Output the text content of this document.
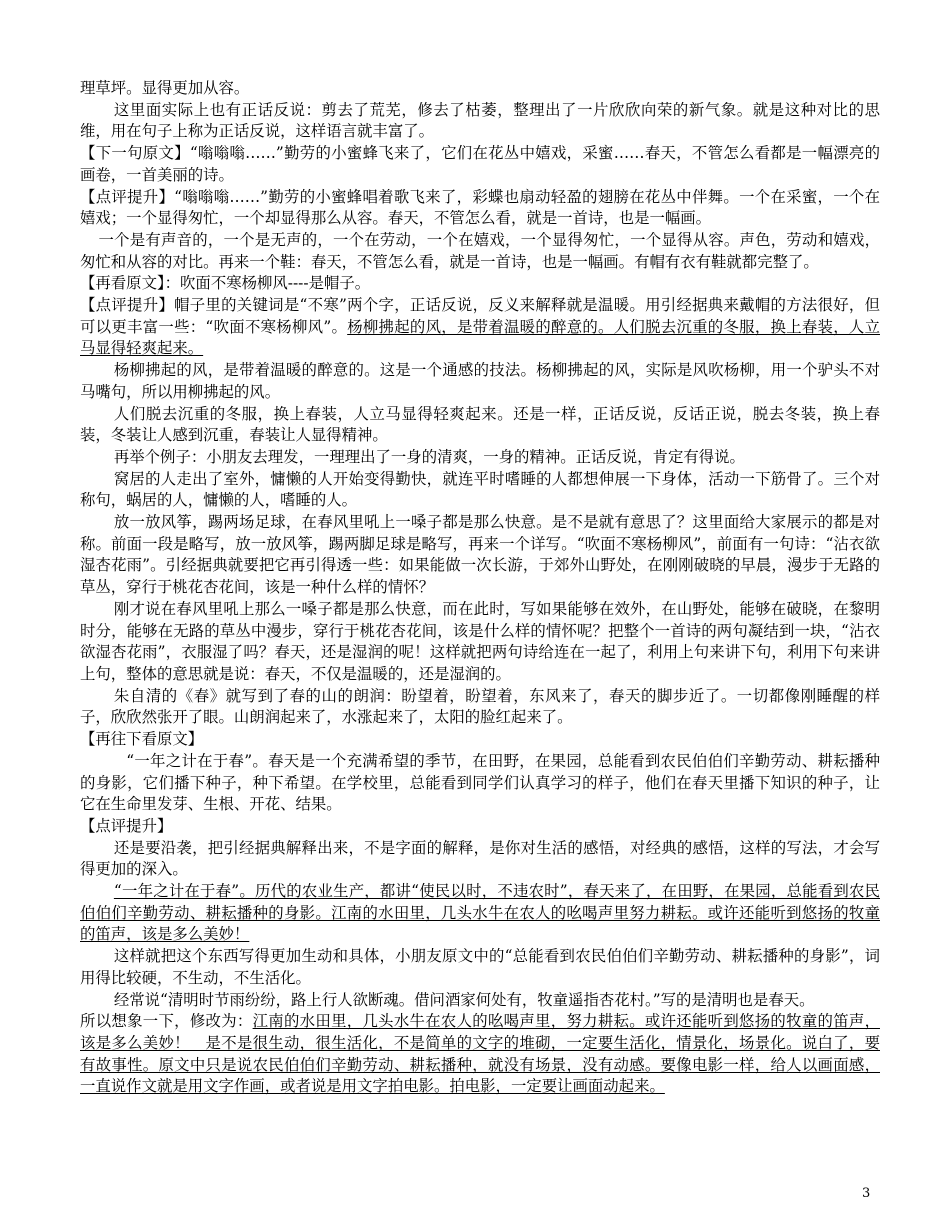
理草坪。显得更加从容。

这里面实际上也有正话反说：剪去了荒芜，修去了枯萎，整理出了一片欣欣向荣的新气象。就是这种对比的思维，用在句子上称为正话反说，这样语言就丰富了。

【下一句原文】“嗡嗡嗡……”勤劳的小蜜蜂飞来了，它们在花丛中嬉戏，采蜜……春天，不管怎么看都是一幅漂亮的画卷，一首美丽的诗。

【点评提升】“嗡嗡嗡……”勤劳的小蜜蜂唱着歌飞来了，彩蝶也扇动轻盈的翅膀在花丛中伴舞。一个在采蜜，一个在嬉戏；一个显得匆忙，一个却显得那么从容。春天，不管怎么看，就是一首诗，也是一幅画。

一个是有声音的，一个是无声的，一个在劳动，一个在嬉戏，一个显得匆忙，一个显得从容。声色，劳动和嬉戏，匆忙和从容的对比。再来一个鞋：春天，不管怎么看，就是一首诗，也是一幅画。有帽有衣有鞋就都完整了。

【再看原文】：吹面不寒杨柳风----是帽子。

【点评提升】帽子里的关键词是“不寒”两个字，正话反说，反义来解释就是温暖。用引经据典来戴帽的方法很好，但可以更丰富一些：“吹面不寒杨柳风”。杨柳拂起的风，是带着温暖的醉意的。人们脱去沉重的冬服，换上春装，人立马显得轻爽起来。

杨柳拂起的风，是带着温暖的醉意的。这是一个通感的技法。杨柳拂起的风，实际是风吹杨柳，用一个驴头不对马嘴句，所以用柳拂起的风。

人们脱去沉重的冬服，换上春装，人立马显得轻爽起来。还是一样，正话反说，反话正说，脱去冬装，换上春装，冬装让人感到沉重，春装让人显得精神。

再举个例子：小朋友去理发，一理理出了一身的清爽，一身的精神。正话反说，肯定有得说。

窝居的人走出了室外，慵懒的人开始变得勤快，就连平时嗜睡的人都想伸展一下身体，活动一下筋骨了。三个对称句，蜗居的人，慵懒的人，嗜睡的人。

放一放风筝，踢两场足球，在春风里吼上一嗓子都是那么快意。是不是就有意思了？这里面给大家展示的都是对称。前面一段是略写，放一放风筝，踢两脚足球是略写，再来一个详写。“吹面不寒杨柳风”，前面有一句诗：“沾衣欲湿杏花雨”。引经据典就要把它再引得透一些：如果能做一次长游，于郊外山野处，在刚刚破晓的早晨，漫步于无路的草丛，穿行于桃花杏花间，该是一种什么样的情怀？

刚才说在春风里吼上那么一嗓子都是那么快意，而在此时，写如果能够在效外，在山野处，能够在破晓，在黎明时分，能够在无路的草丛中漫步，穿行于桃花杏花间，该是什么样的情怀呢？把整个一首诗的两句凝结到一块，“沾衣欲湿杏花雨”，衣服湿了吗？春天，还是湿润的呢！这样就把两句诗给连在一起了，利用上句来讲下句，利用下句来讲上句，整体的意思就是说：春天，不仅是温暖的，还是湿润的。

朱自清的《春》就写到了春的山的朗润：盼望着，盼望着，东风来了，春天的脚步近了。一切都像刚睡醒的样子，欣欣然张开了眼。山朗润起来了，水涨起来了，太阳的脸红起来了。

【再往下看原文】

“一年之计在于春”。春天是一个充满希望的季节，在田野，在果园，总能看到农民伯伯们辛勤劳动、耕耘播种的身影，它们播下种子，种下希望。在学校里，总能看到同学们认真学习的样子，他们在春天里播下知识的种子，让它在生命里发芽、生根、开花、结果。

【点评提升】

还是要沿袭，把引经据典解释出来，不是字面的解释，是你对生活的感悟，对经典的感悟，这样的写法，才会写得更加的深入。

“一年之计在于春”。历代的农业生产，都讲“使民以时，不违农时”，春天来了，在田野，在果园，总能看到农民伯伯们辛勤劳动、耕耘播种的身影。江南的水田里，几头水牛在农人的吆喝声里努力耕耘。或许还能听到悠扬的牧童的笛声，该是多么美妙！

这样就把这个东西写得更加生动和具体，小朋友原文中的“总能看到农民伯伯们辛勤劳动、耕耘播种的身影”，词用得比较硬，不生动，不生活化。

经常说“清明时节雨纷纷，路上行人欲断魂。借问酒家何处有，牧童遥指杏花村。”写的是清明也是春天。

所以想象一下，修改为：江南的水田里，几头水牛在农人的吆喝声里，努力耕耘。或许还能听到悠扬的牧童的笛声，该是多么美妙！　是不是很生动，很生活化，不是简单的文字的堆砌，一定要生活化，情景化，场景化。说白了，要有故事性。原文中只是说农民伯伯们辛勤劳动、耕耘播种，就没有场景，没有动感。要像电影一样，给人以画面感，一直说作文就是用文字作画，或者说是用文字拍电影。拍电影，一定要让画面动起来。

3
